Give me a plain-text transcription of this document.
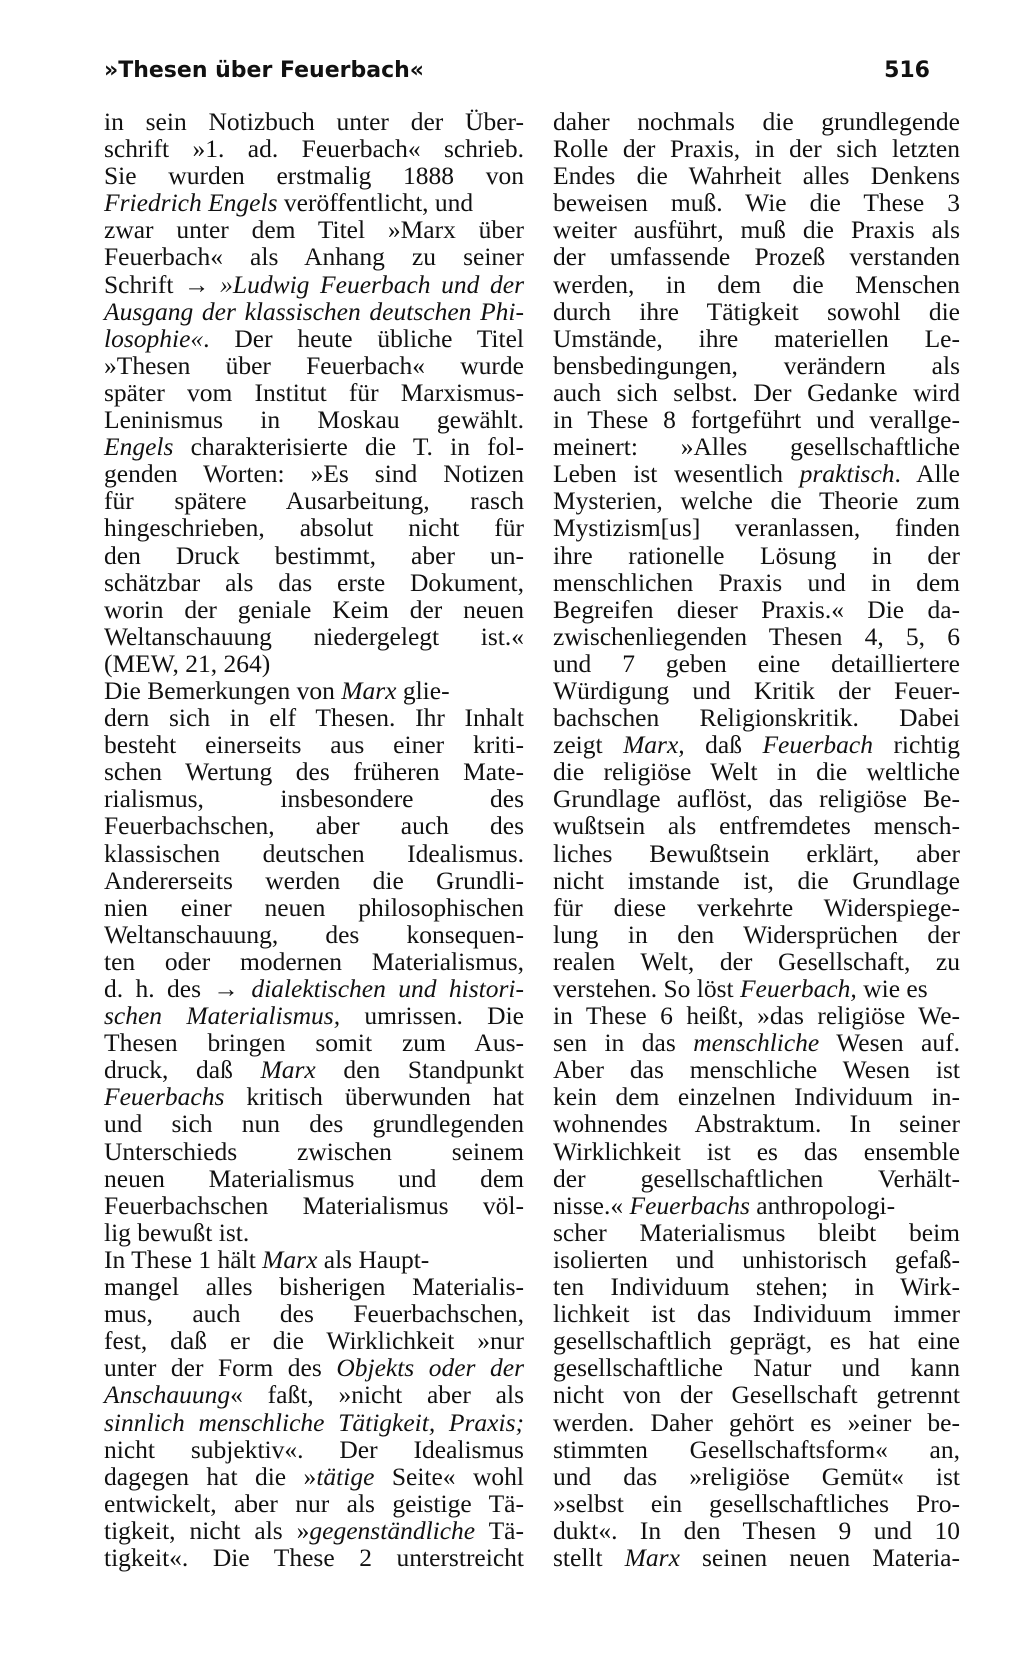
»Thesen über Feuerbach«	516
in sein Notizbuch unter der Über-
schrift »1. ad. Feuerbach« schrieb.
Sie wurden erstmalig 1888 von
Friedrich Engels veröffentlicht, und
zwar unter dem Titel »Marx über
Feuerbach« als Anhang zu seiner
Schrift → »Ludwig Feuerbach und der
Ausgang der klassischen deutschen Phi-
losophie«. Der heute übliche Titel
»Thesen über Feuerbach« wurde
später vom Institut für Marxismus-
Leninismus in Moskau gewählt.
Engels charakterisierte die T. in fol-
genden Worten: »Es sind Notizen
für spätere Ausarbeitung, rasch
hingeschrieben, absolut nicht für
den Druck bestimmt, aber un-
schätzbar als das erste Dokument,
worin der geniale Keim der neuen
Weltanschauung niedergelegt ist.«
(MEW, 21, 264)
Die Bemerkungen von Marx glie-
dern sich in elf Thesen. Ihr Inhalt
besteht einerseits aus einer kriti-
schen Wertung des früheren Mate-
rialismus, insbesondere des
Feuerbachschen, aber auch des
klassischen deutschen Idealismus.
Andererseits werden die Grundli-
nien einer neuen philosophischen
Weltanschauung, des konsequen-
ten oder modernen Materialismus,
d. h. des → dialektischen und histori-
schen Materialismus, umrissen. Die
Thesen bringen somit zum Aus-
druck, daß Marx den Standpunkt
Feuerbachs kritisch überwunden hat
und sich nun des grundlegenden
Unterschieds zwischen seinem
neuen Materialismus und dem
Feuerbachschen Materialismus völ-
lig bewußt ist.
In These 1 hält Marx als Haupt-
mangel alles bisherigen Materialis-
mus, auch des Feuerbachschen,
fest, daß er die Wirklichkeit »nur
unter der Form des Objekts oder der
Anschauung« faßt, »nicht aber als
sinnlich menschliche Tätigkeit, Praxis;
nicht subjektiv«. Der Idealismus
dagegen hat die »tätige Seite« wohl
entwickelt, aber nur als geistige Tä-
tigkeit, nicht als »gegenständliche Tä-
tigkeit«. Die These 2 unterstreicht
daher nochmals die grundlegende
Rolle der Praxis, in der sich letzten
Endes die Wahrheit alles Denkens
beweisen muß. Wie die These 3
weiter ausführt, muß die Praxis als
der umfassende Prozeß verstanden
werden, in dem die Menschen
durch ihre Tätigkeit sowohl die
Umstände, ihre materiellen Le-
bensbedingungen, verändern als
auch sich selbst. Der Gedanke wird
in These 8 fortgeführt und verallge-
meinert: »Alles gesellschaftliche
Leben ist wesentlich praktisch. Alle
Mysterien, welche die Theorie zum
Mystizism[us] veranlassen, finden
ihre rationelle Lösung in der
menschlichen Praxis und in dem
Begreifen dieser Praxis.« Die da-
zwischenliegenden Thesen 4, 5, 6
und 7 geben eine detailliertere
Würdigung und Kritik der Feuer-
bachschen Religionskritik. Dabei
zeigt Marx, daß Feuerbach richtig
die religiöse Welt in die weltliche
Grundlage auflöst, das religiöse Be-
wußtsein als entfremdetes mensch-
liches Bewußtsein erklärt, aber
nicht imstande ist, die Grundlage
für diese verkehrte Widerspiege-
lung in den Widersprüchen der
realen Welt, der Gesellschaft, zu
verstehen. So löst Feuerbach, wie es
in These 6 heißt, »das religiöse We-
sen in das menschliche Wesen auf.
Aber das menschliche Wesen ist
kein dem einzelnen Individuum in-
wohnendes Abstraktum. In seiner
Wirklichkeit ist es das ensemble
der gesellschaftlichen Verhält-
nisse.« Feuerbachs anthropologi-
scher Materialismus bleibt beim
isolierten und unhistorisch gefaß-
ten Individuum stehen; in Wirk-
lichkeit ist das Individuum immer
gesellschaftlich geprägt, es hat eine
gesellschaftliche Natur und kann
nicht von der Gesellschaft getrennt
werden. Daher gehört es »einer be-
stimmten Gesellschaftsform« an,
und das »religiöse Gemüt« ist
»selbst ein gesellschaftliches Pro-
dukt«. In den Thesen 9 und 10
stellt Marx seinen neuen Materia-
